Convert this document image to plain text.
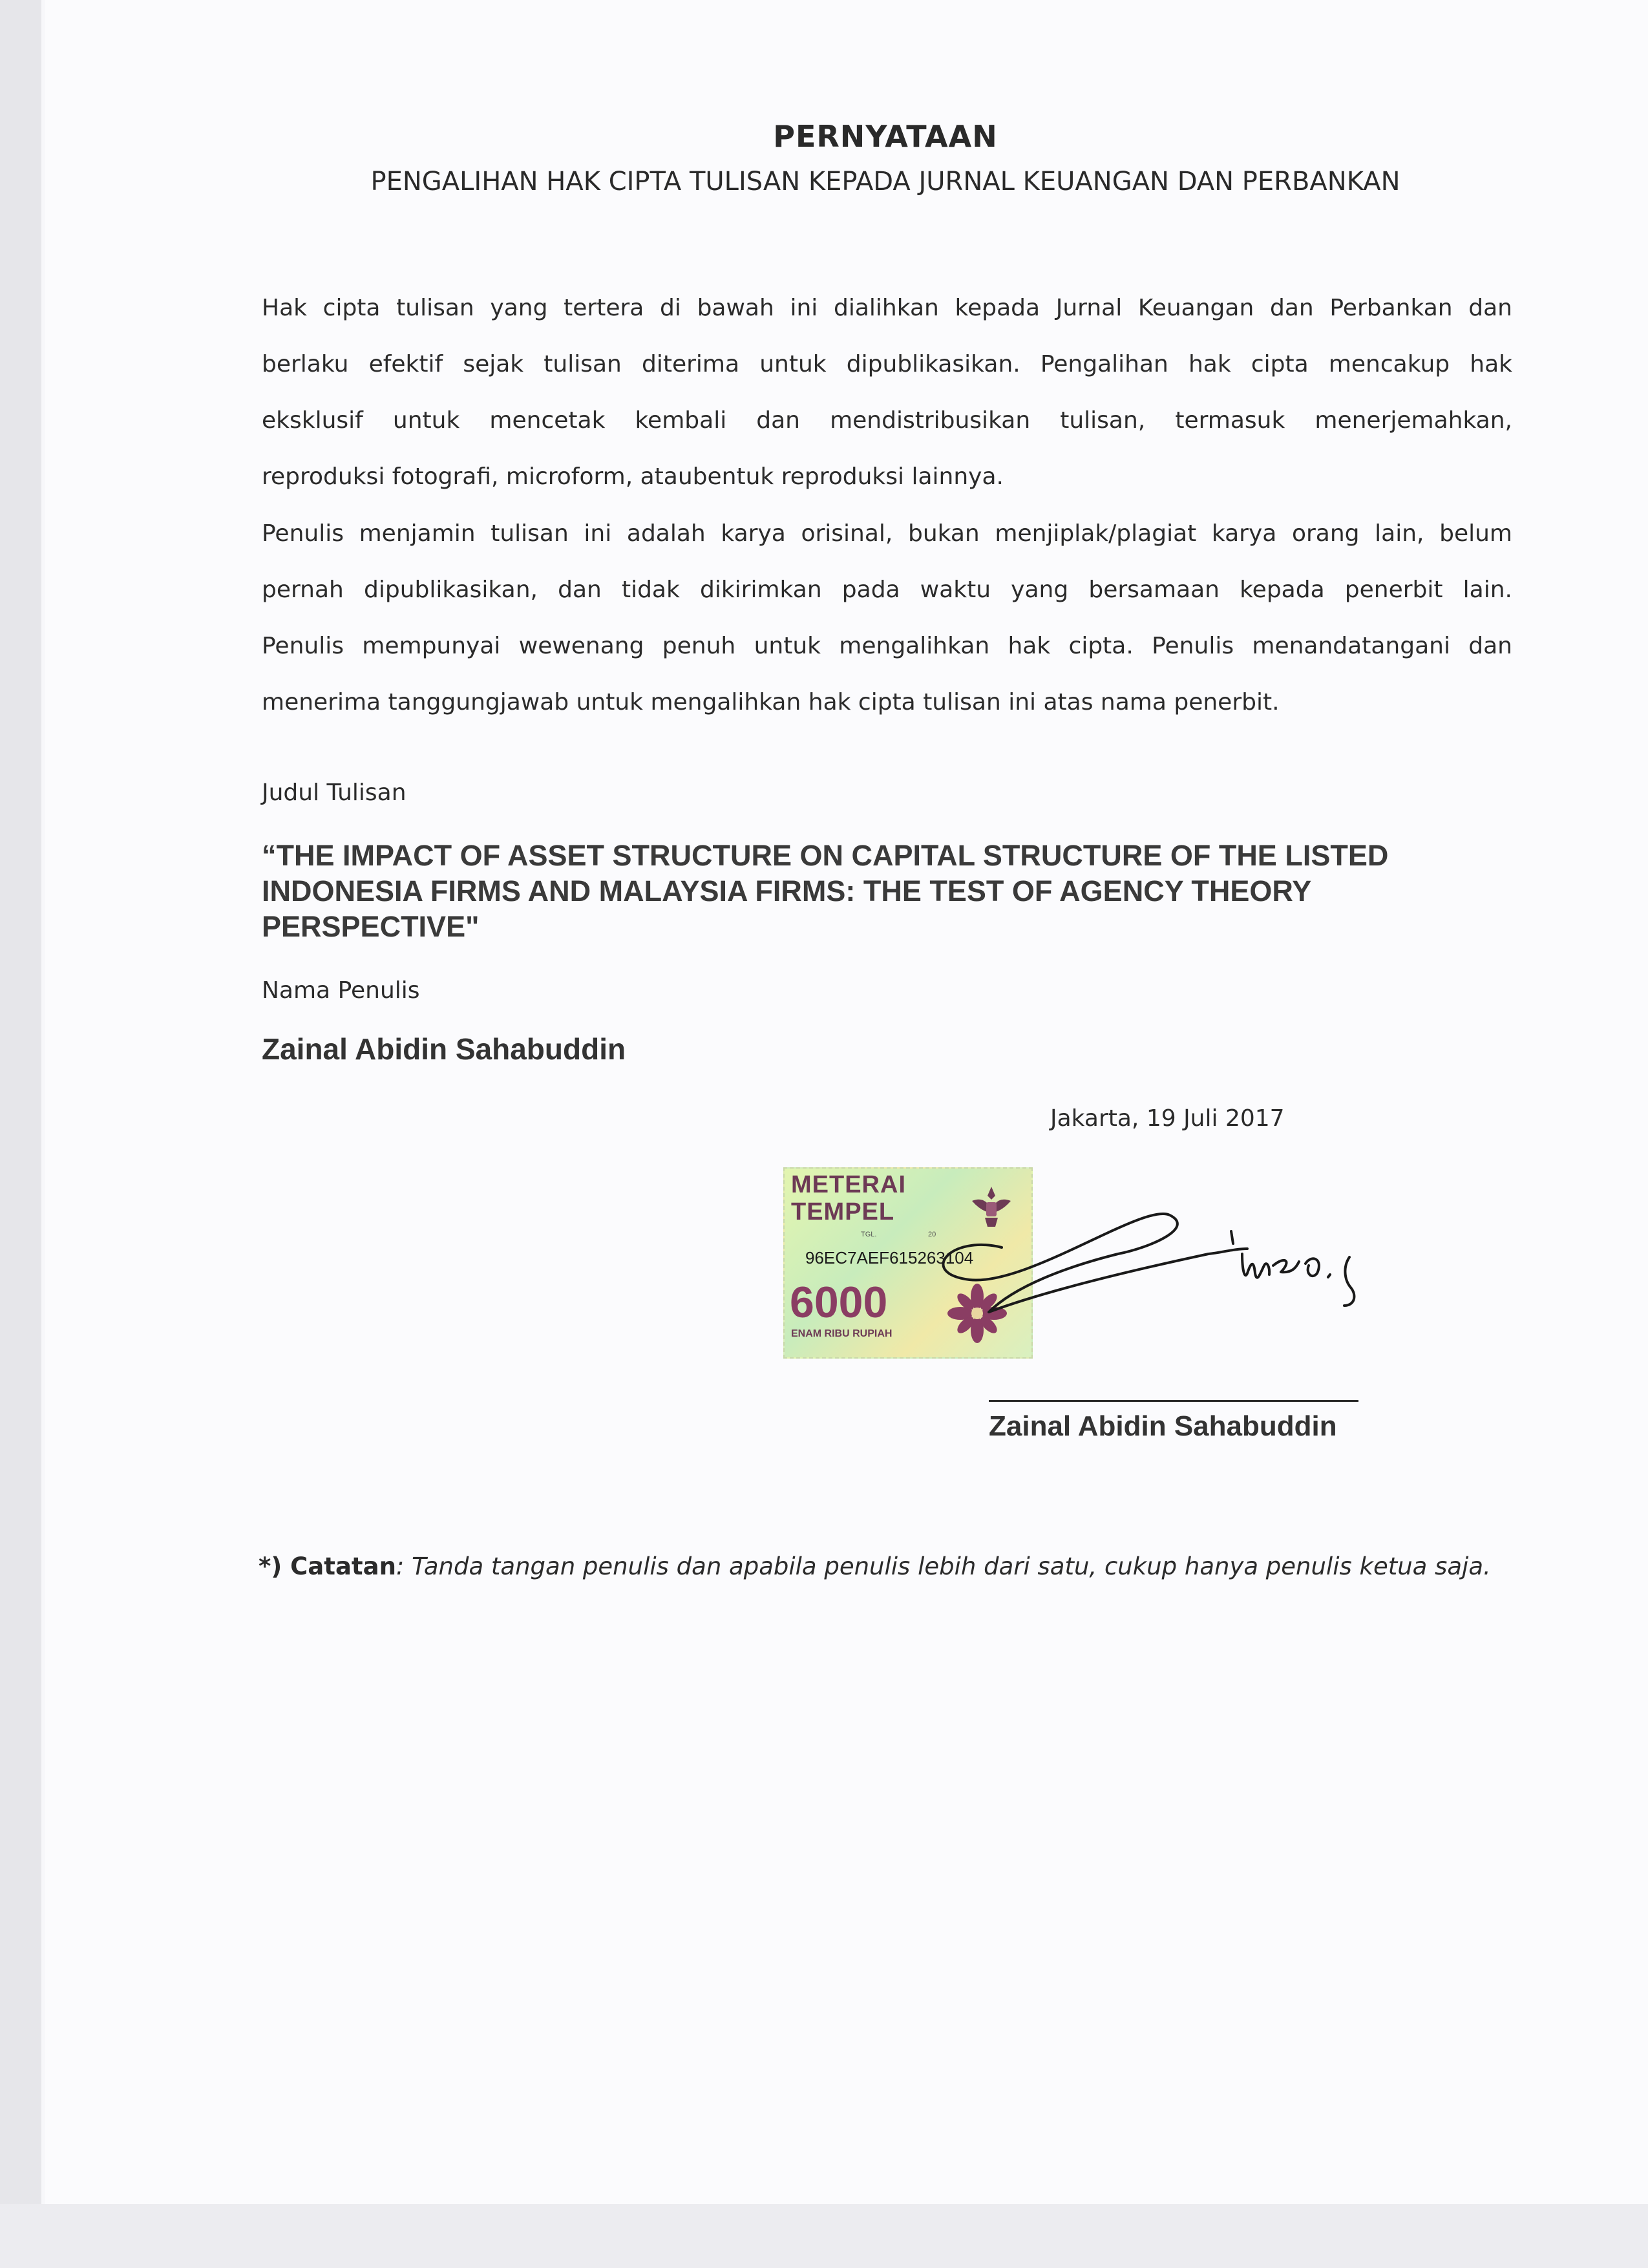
PERNYATAAN
PENGALIHAN HAK CIPTA TULISAN KEPADA JURNAL KEUANGAN DAN PERBANKAN
Hak cipta tulisan yang tertera di bawah ini dialihkan kepada Jurnal Keuangan dan Perbankan dan
berlaku efektif sejak tulisan diterima untuk dipublikasikan. Pengalihan hak cipta mencakup hak
eksklusif untuk mencetak kembali dan mendistribusikan tulisan, termasuk menerjemahkan,
reproduksi fotografi, microform, ataubentuk reproduksi lainnya.
Penulis menjamin tulisan ini adalah karya orisinal, bukan menjiplak/plagiat karya orang lain, belum
pernah dipublikasikan, dan tidak dikirimkan pada waktu yang bersamaan kepada penerbit lain.
Penulis mempunyai wewenang penuh untuk mengalihkan hak cipta. Penulis menandatangani dan
menerima tanggungjawab untuk mengalihkan hak cipta tulisan ini atas nama penerbit.
Judul Tulisan
“THE IMPACT OF ASSET STRUCTURE ON CAPITAL STRUCTURE OF THE LISTED INDONESIA FIRMS AND MALAYSIA FIRMS: THE TEST OF AGENCY THEORY PERSPECTIVE"
Nama Penulis
Zainal Abidin Sahabuddin
Jakarta, 19 Juli 2017
METERAI
TEMPEL
TGL.	20
96EC7AEF615263104
6000
ENAM RIBU RUPIAH
Zainal Abidin Sahabuddin
*) Catatan: Tanda tangan penulis dan apabila penulis lebih dari satu, cukup hanya penulis ketua saja.
